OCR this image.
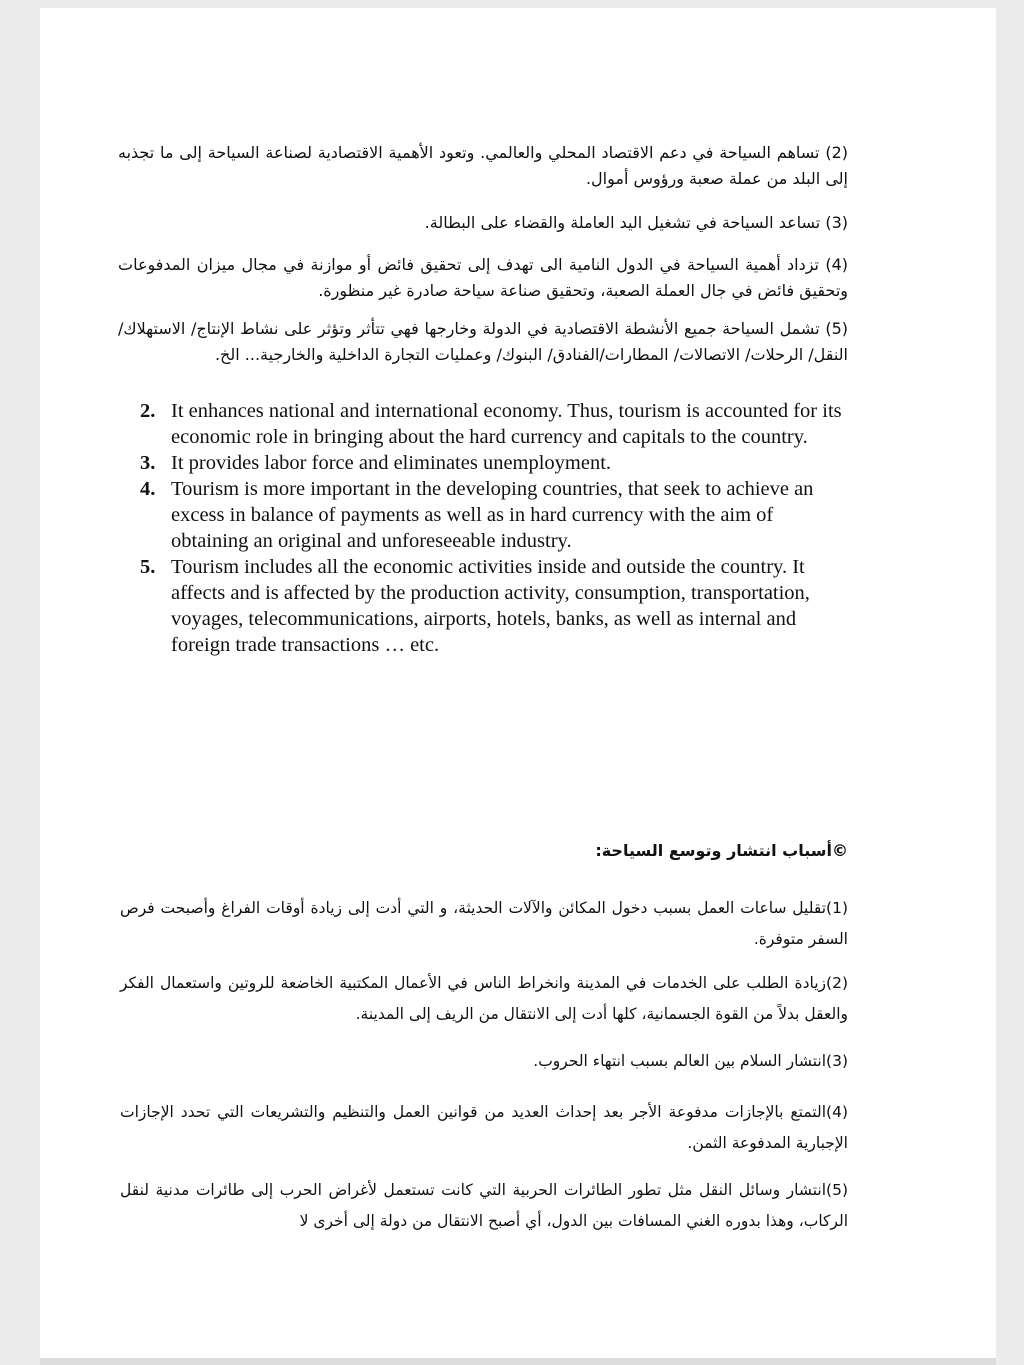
(2) تساهم السياحة في دعم الاقتصاد المحلي والعالمي. وتعود الأهمية الاقتصادية لصناعة السياحة إلى ما تجذبه إلى البلد من عملة صعبة ورؤوس أموال.

(3) تساعد السياحة في تشغيل اليد العاملة والقضاء على البطالة.

(4) تزداد أهمية السياحة في الدول النامية الى تهدف إلى تحقيق فائض أو موازنة في مجال ميزان المدفوعات وتحقيق فائض في جال العملة الصعبة، وتحقيق صناعة سياحة صادرة غير منظورة.

(5) تشمل السياحة جميع الأنشطة الاقتصادية في الدولة وخارجها فهي تتأثر وتؤثر على نشاط الإنتاج/ الاستهلاك/ النقل/ الرحلات/ الاتصالات/ المطارات/الفنادق/ البنوك/ وعمليات التجارة الداخلية والخارجية... الخ.

2. It enhances national and international economy. Thus, tourism is accounted for its economic role in bringing about the hard currency and capitals to the country.
3. It provides labor force and eliminates unemployment.
4. Tourism is more important in the developing countries, that seek to achieve an excess in balance of payments as well as in hard currency with the aim of obtaining an original and unforeseeable industry.
5. Tourism includes all the economic activities inside and outside the country. It affects and is affected by the production activity, consumption, transportation, voyages, telecommunications, airports, hotels, banks, as well as internal and foreign trade transactions … etc.
©أسباب انتشار وتوسع السياحة:

(1)تقليل ساعات العمل بسبب دخول المكائن والآلات الحديثة، و التي أدت إلى زيادة أوقات الفراغ وأصبحت فرص السفر متوفرة.

(2)زيادة الطلب على الخدمات في المدينة وانخراط الناس في الأعمال المكتبية الخاضعة للروتين واستعمال الفكر والعقل بدلاً من القوة الجسمانية، كلها أدت إلى الانتقال من الريف إلى المدينة.

(3)انتشار السلام بين العالم بسبب انتهاء الحروب.

(4)التمتع بالإجازات مدفوعة الأجر بعد إحداث العديد من قوانين العمل والتنظيم والتشريعات التي تحدد الإجازات الإجبارية المدفوعة الثمن.

(5)انتشار وسائل النقل مثل تطور الطائرات الحربية التي كانت تستعمل لأغراض الحرب إلى طائرات مدنية لنقل الركاب، وهذا بدوره الغني المسافات بين الدول، أي أصبح الانتقال من دولة إلى أخرى لا
